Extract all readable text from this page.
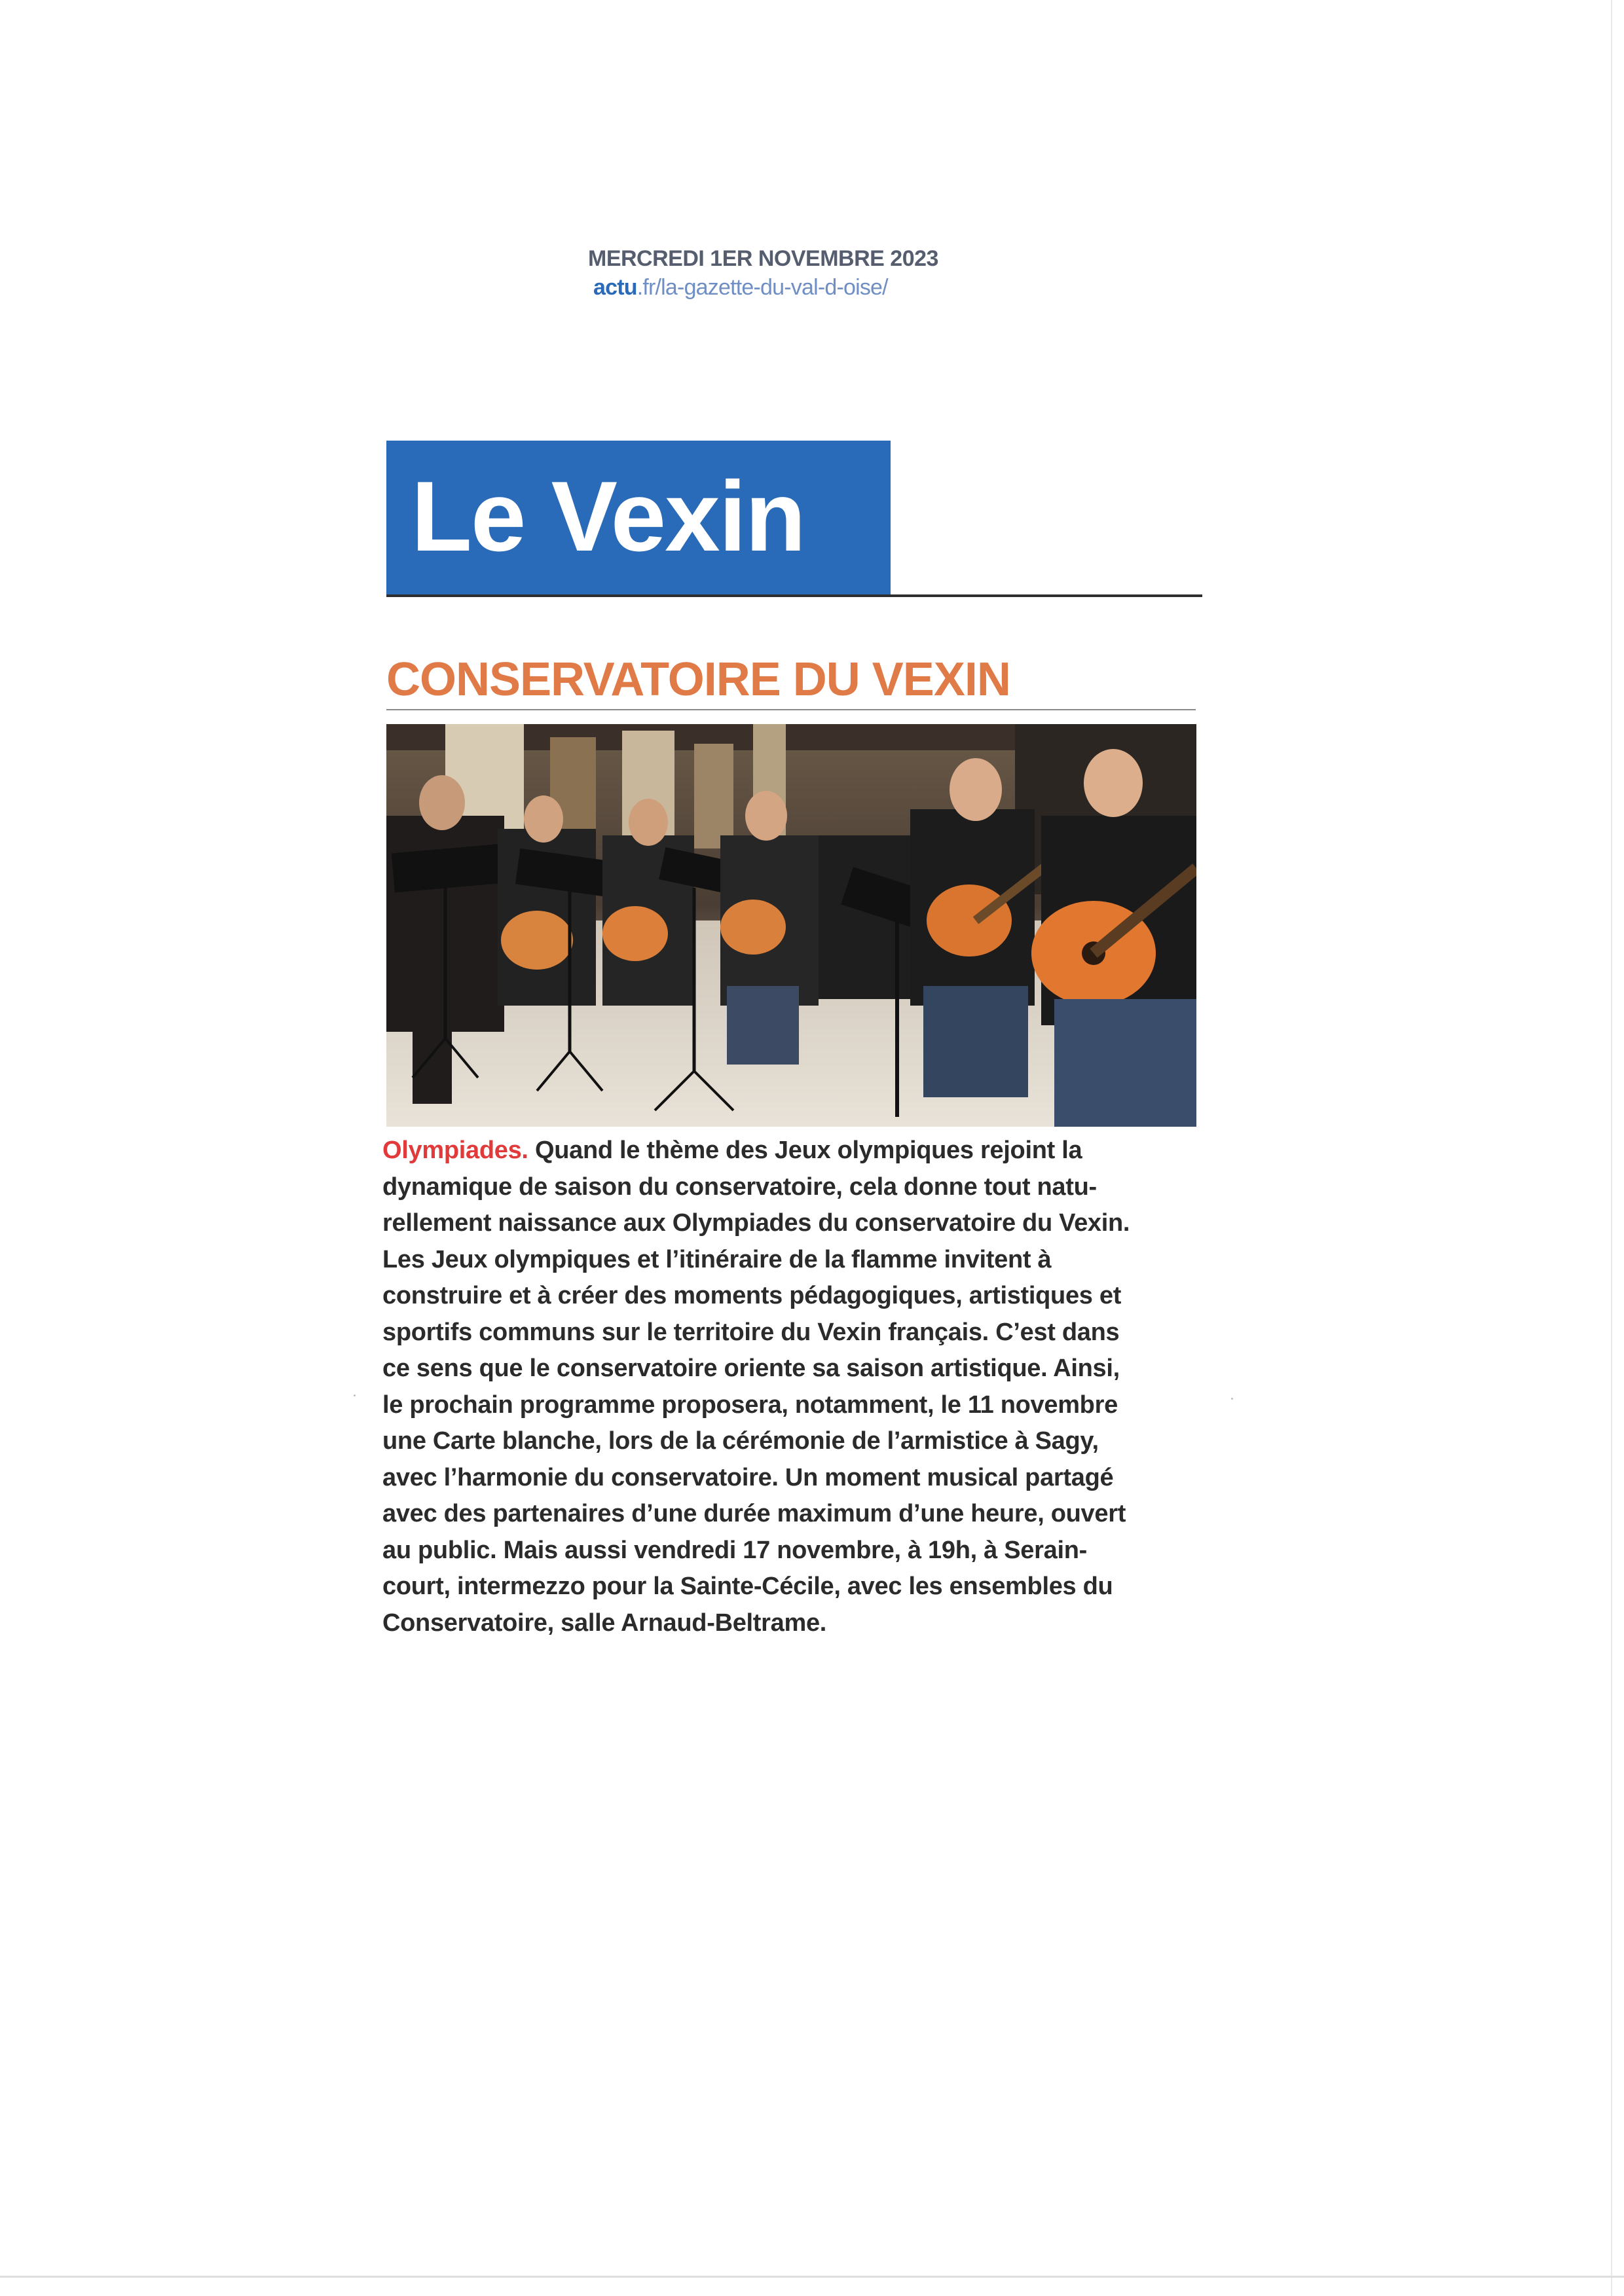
MERCREDI 1ER NOVEMBRE 2023
actu.fr/la-gazette-du-val-d-oise/
Le Vexin
CONSERVATOIRE DU VEXIN
Olympiades. Quand le thème des Jeux olympiques rejoint la
dynamique de saison du conservatoire, cela donne tout natu-
rellement naissance aux Olympiades du conservatoire du Vexin.
Les Jeux olympiques et l’itinéraire de la flamme invitent à
construire et à créer des moments pédagogiques, artistiques et
sportifs communs sur le territoire du Vexin français. C’est dans
ce sens que le conservatoire oriente sa saison artistique. Ainsi,
le prochain programme proposera, notamment, le 11 novembre
une Carte blanche, lors de la cérémonie de l’armistice à Sagy,
avec l’harmonie du conservatoire. Un moment musical partagé
avec des partenaires d’une durée maximum d’une heure, ouvert
au public. Mais aussi vendredi 17 novembre, à 19h, à Serain-
court, intermezzo pour la Sainte-Cécile, avec les ensembles du
Conservatoire, salle Arnaud-Beltrame.
